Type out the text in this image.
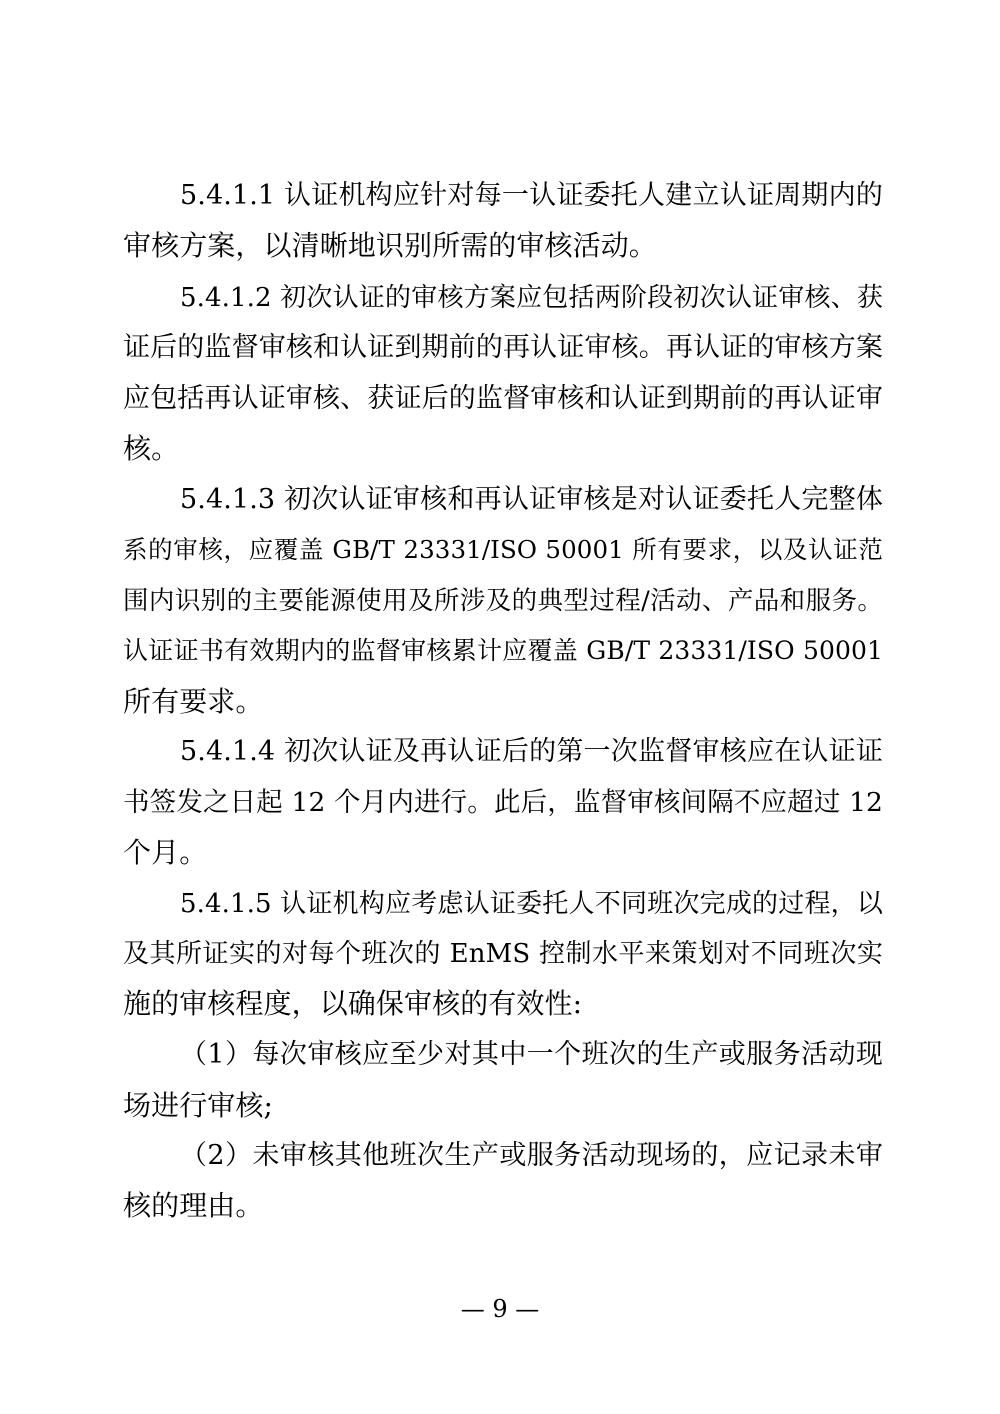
5.4.1.1 认证机构应针对每一认证委托人建立认证周期内的
审核方案，以清晰地识别所需的审核活动。
5.4.1.2 初次认证的审核方案应包括两阶段初次认证审核、获
证后的监督审核和认证到期前的再认证审核。再认证的审核方案
应包括再认证审核、获证后的监督审核和认证到期前的再认证审
核。
5.4.1.3 初次认证审核和再认证审核是对认证委托人完整体
系的审核，应覆盖 GB/T 23331/ISO 50001 所有要求，以及认证范
围内识别的主要能源使用及所涉及的典型过程/活动、产品和服务。
认证证书有效期内的监督审核累计应覆盖 GB/T 23331/ISO 50001
所有要求。
5.4.1.4 初次认证及再认证后的第一次监督审核应在认证证
书签发之日起 12 个月内进行。此后，监督审核间隔不应超过 12
个月。
5.4.1.5 认证机构应考虑认证委托人不同班次完成的过程，以
及其所证实的对每个班次的 EnMS 控制水平来策划对不同班次实
施的审核程度，以确保审核的有效性:
（1）每次审核应至少对其中一个班次的生产或服务活动现
场进行审核;
（2）未审核其他班次生产或服务活动现场的，应记录未审
核的理由。
— 9 —
